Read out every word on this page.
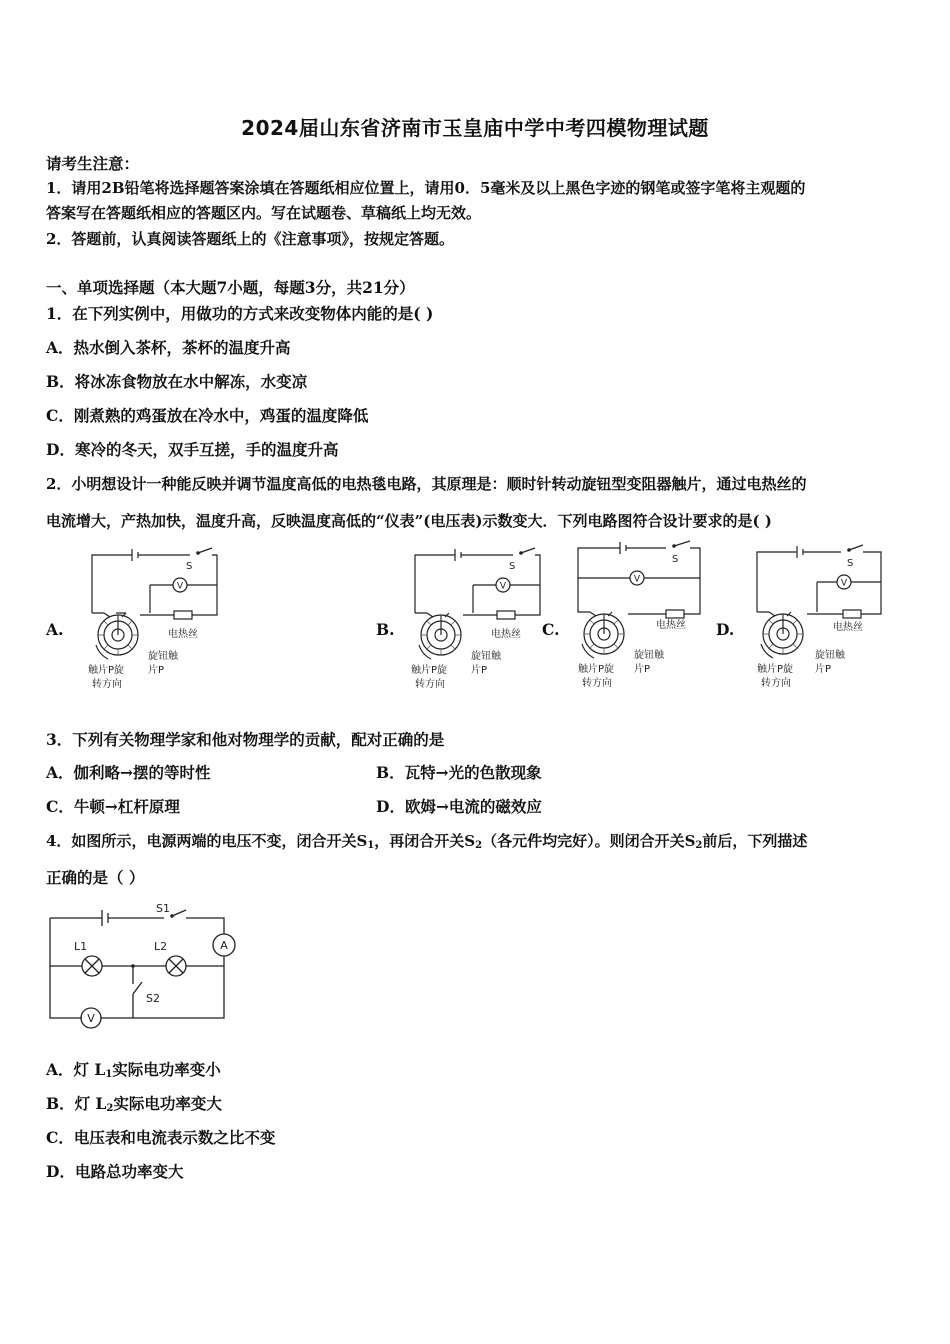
2024届山东省济南市玉皇庙中学中考四模物理试题
请考生注意：
1．请用2B铅笔将选择题答案涂填在答题纸相应位置上，请用0．5毫米及以上黑色字迹的钢笔或签字笔将主观题的
答案写在答题纸相应的答题区内。写在试题卷、草稿纸上均无效。
2．答题前，认真阅读答题纸上的《注意事项》，按规定答题。
一、单项选择题（本大题7小题，每题3分，共21分）
1．在下列实例中，用做功的方式来改变物体内能的是( )
A．热水倒入茶杯，茶杯的温度升高
B．将冰冻食物放在水中解冻，水变凉
C．刚煮熟的鸡蛋放在冷水中，鸡蛋的温度降低
D．寒冷的冬天，双手互搓，手的温度升高
2．小明想设计一种能反映并调节温度高低的电热毯电路，其原理是：顺时针转动旋钮型变阻器触片，通过电热丝的
电流增大，产热加快，温度升高，反映温度高低的“仪表”(电压表)示数变大．下列电路图符合设计要求的是( )
A.	B.	C.	D.
V
S
电热丝
触片P旋
转方向
旋钮触
片P
V
S
电热丝
触片P旋
转方向
旋钮触
片P
V
S
电热丝
触片P旋
转方向
旋钮触
片P
V
S
电热丝
触片P旋
转方向
旋钮触
片P
3．下列有关物理学家和他对物理学的贡献，配对正确的是
A．伽利略→摆的等时性	B．瓦特→光的色散现象
C．牛顿→杠杆原理	D．欧姆→电流的磁效应
4．如图所示，电源两端的电压不变，闭合开关$S_1$，再闭合开关$S_2$（各元件均完好）。则闭合开关$S_2$前后，下列描述
正确的是（ ）
S1
S2
L1	L2	A
V
A．灯 $L_1$实际电功率变小
B．灯 $L_2$实际电功率变大
C．电压表和电流表示数之比不变
D．电路总功率变大
